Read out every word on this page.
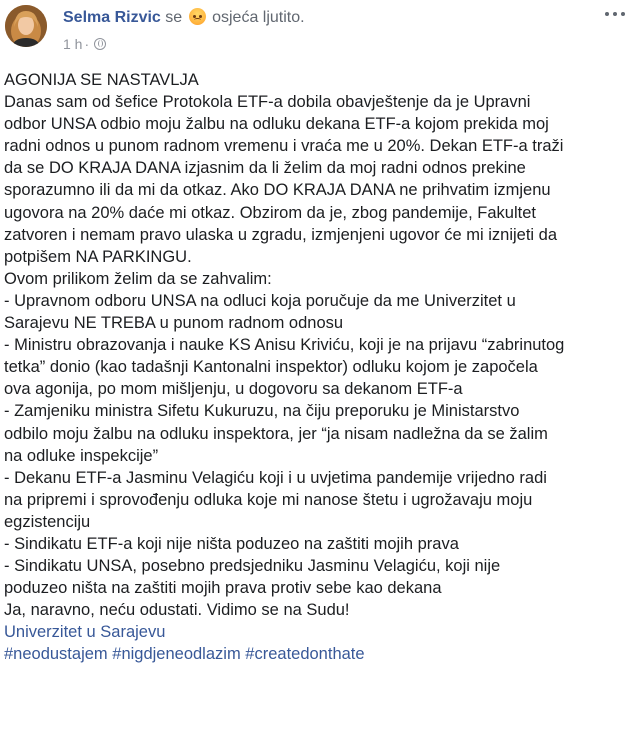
Selma Rizvic se osjeća ljutito.
1 h ·
AGONIJA SE NASTAVLJA
Danas sam od šefice Protokola ETF-a dobila obavještenje da je Upravni
odbor UNSA odbio moju žalbu na odluku dekana ETF-a kojom prekida moj
radni odnos u punom radnom vremenu i vraća me u 20%. Dekan ETF-a traži
da se DO KRAJA DANA izjasnim da li želim da moj radni odnos prekine
sporazumno ili da mi da otkaz. Ako DO KRAJA DANA ne prihvatim izmjenu
ugovora na 20% daće mi otkaz. Obzirom da je, zbog pandemije, Fakultet
zatvoren i nemam pravo ulaska u zgradu, izmjenjeni ugovor će mi iznijeti da
potpišem NA PARKINGU.
Ovom prilikom želim da se zahvalim:
- Upravnom odboru UNSA na odluci koja poručuje da me Univerzitet u
Sarajevu NE TREBA u punom radnom odnosu
- Ministru obrazovanja i nauke KS Anisu Kriviću, koji je na prijavu “zabrinutog
tetka” donio (kao tadašnji Kantonalni inspektor) odluku kojom je započela
ova agonija, po mom mišljenju, u dogovoru sa dekanom ETF-a
- Zamjeniku ministra Sifetu Kukuruzu, na čiju preporuku je Ministarstvo
odbilo moju žalbu na odluku inspektora, jer “ja nisam nadležna da se žalim
na odluke inspekcije”
- Dekanu ETF-a Jasminu Velagiću koji i u uvjetima pandemije vrijedno radi
na pripremi i sprovođenju odluka koje mi nanose štetu i ugrožavaju moju
egzistenciju
- Sindikatu ETF-a koji nije ništa poduzeo na zaštiti mojih prava
- Sindikatu UNSA, posebno predsjedniku Jasminu Velagiću, koji nije
poduzeo ništa na zaštiti mojih prava protiv sebe kao dekana
Ja, naravno, neću odustati. Vidimo se na Sudu!
Univerzitet u Sarajevu
#neodustajem #nigdjeneodlazim #createdonthate
